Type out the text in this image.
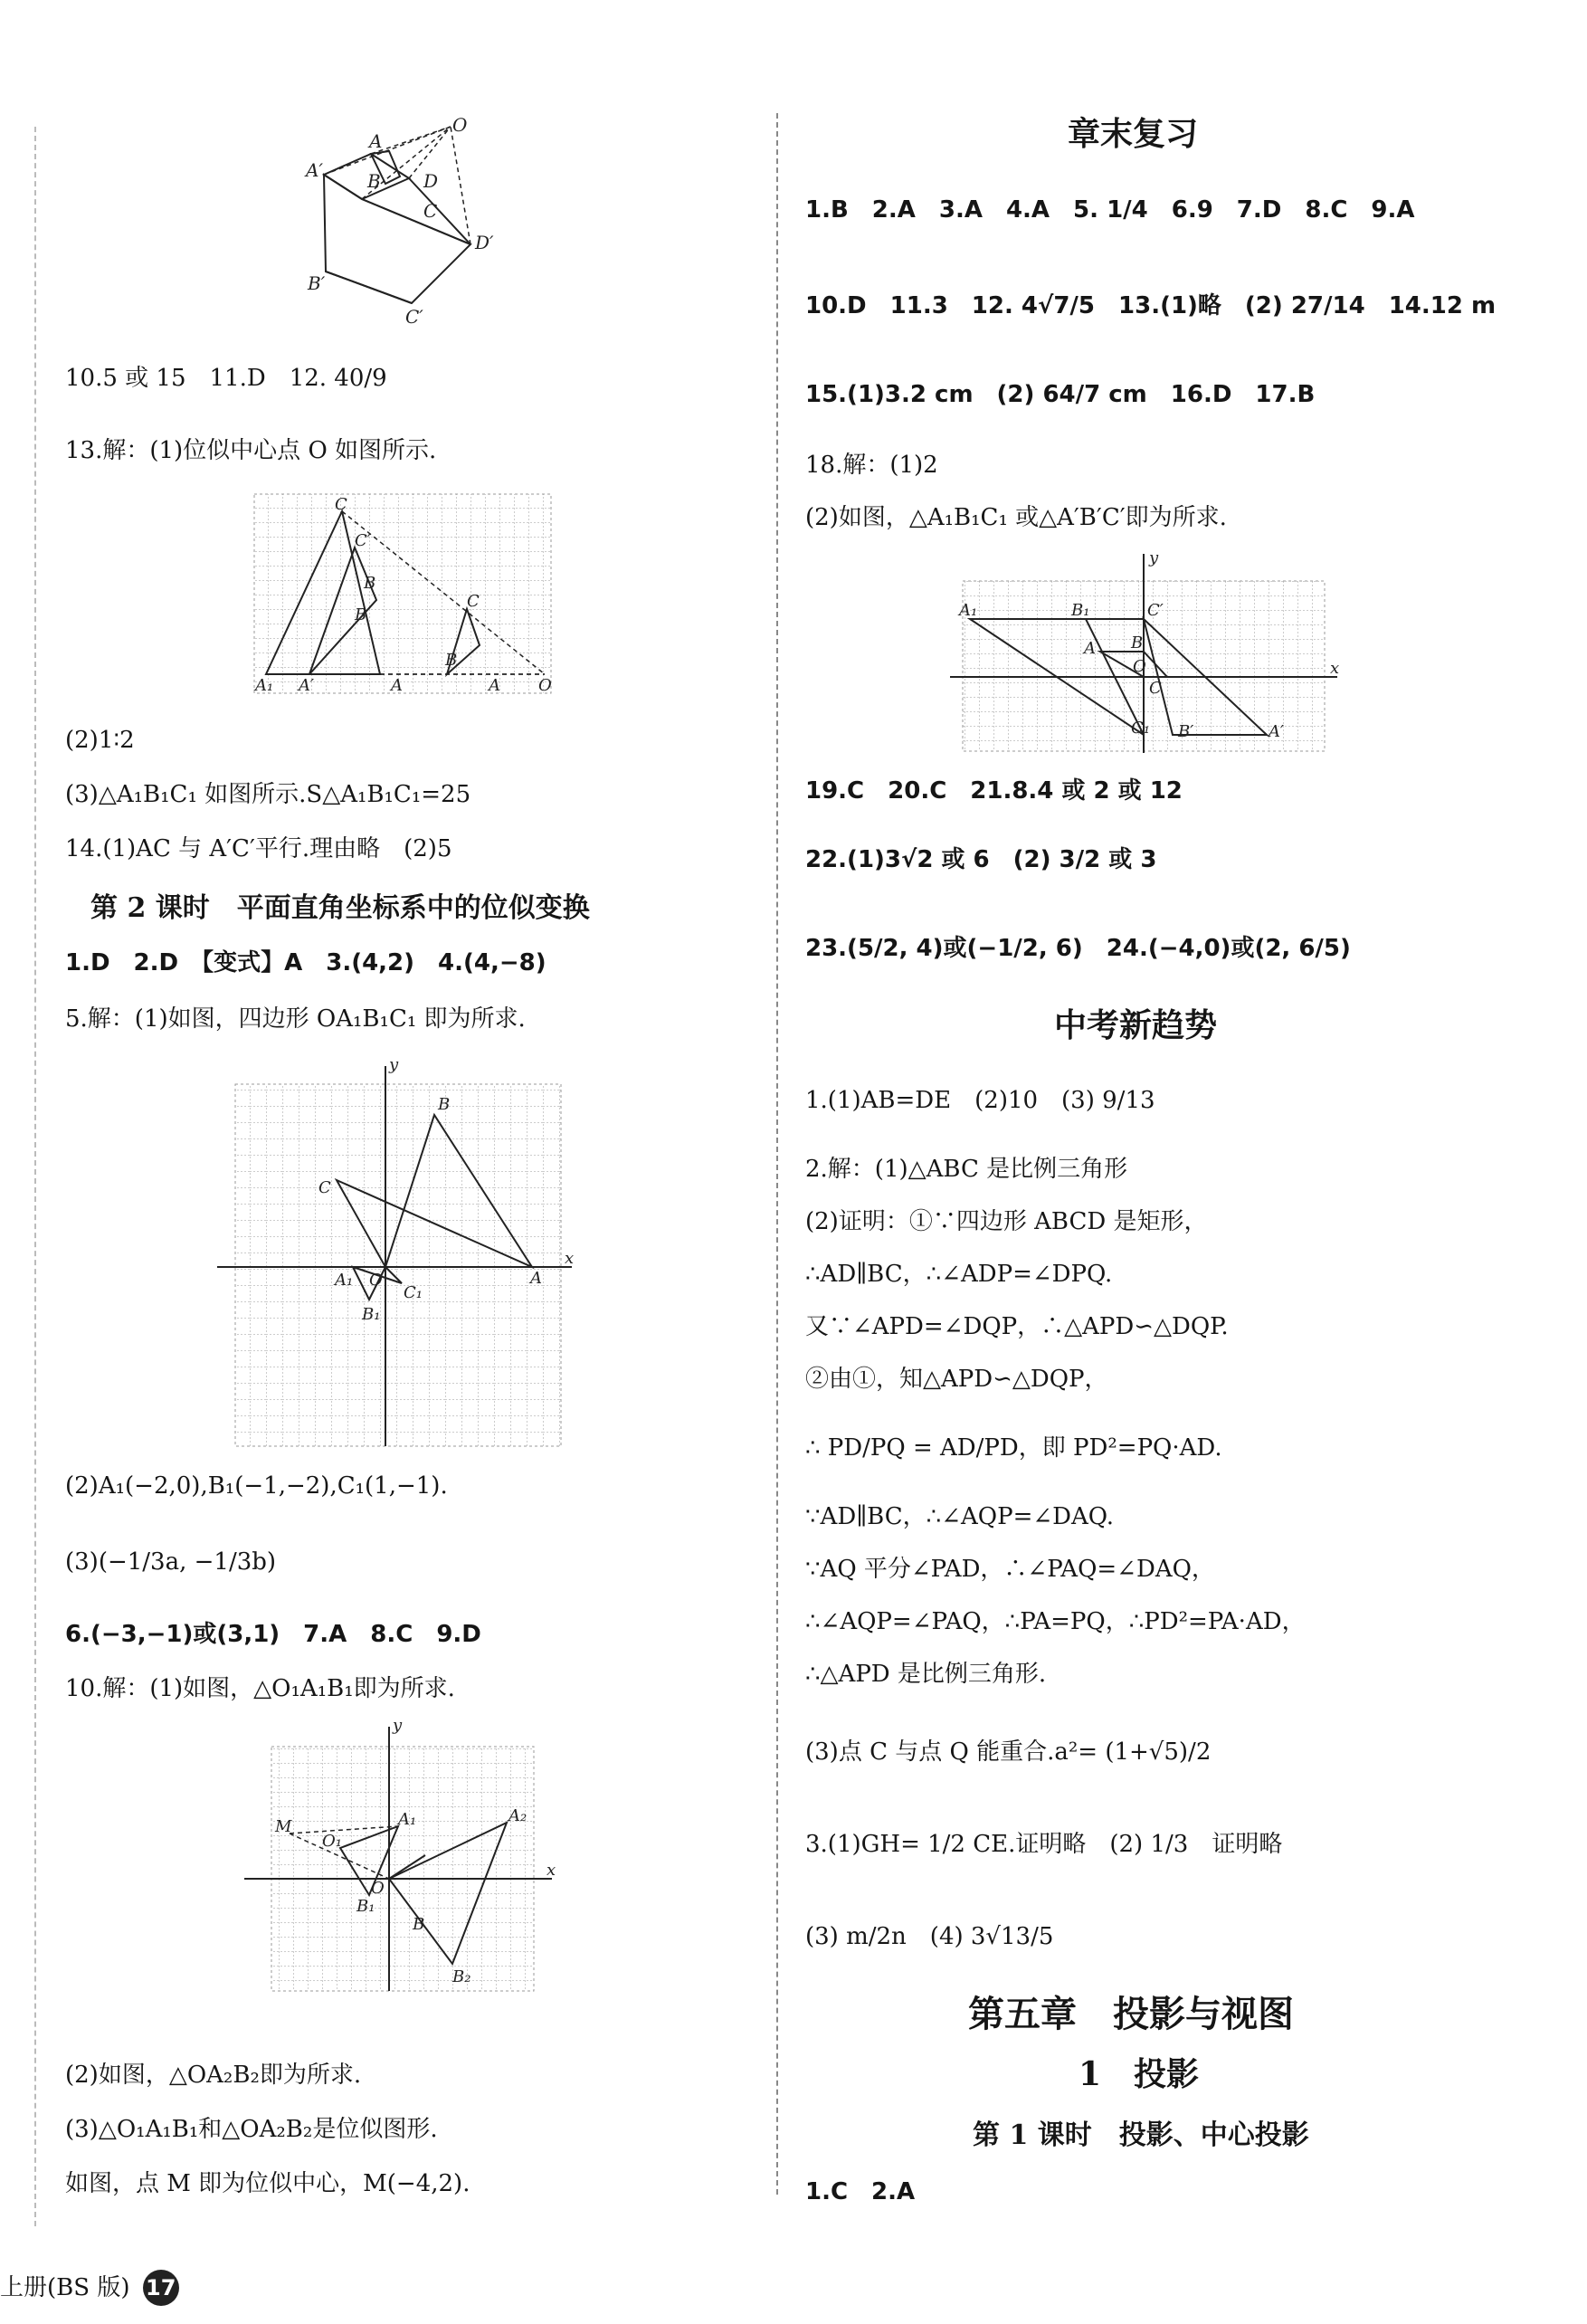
O
A
A′ B D
C
D′
B′
C′
10.5 或 15　11.D　12. 40/9
13.解：(1)位似中心点 O 如图所示.
C
C′
B
B′
C
B
A₁ A′	A	A O
(2)1∶2
(3)△A₁B₁C₁ 如图所示.S△A₁B₁C₁=25
14.(1)AC 与 A′C′平行.理由略　(2)5
第 2 课时　平面直角坐标系中的位似变换
1.D　2.D　【变式】A　3.(4,2)　4.(4,−8)
5.解：(1)如图，四边形 OA₁B₁C₁ 即为所求.
y
x
B
C
A
A₁ O
C₁
B₁
(2)A₁(−2,0),B₁(−1,−2),C₁(1,−1).
(3)(−1/3a, −1/3b)
6.(−3,−1)或(3,1)　7.A　8.C　9.D
10.解：(1)如图，△O₁A₁B₁即为所求.
y
x
M
O₁
A₁	A₂
O
B₁
B
B₂
(2)如图，△OA₂B₂即为所求.
(3)△O₁A₁B₁和△OA₂B₂是位似图形.
如图，点 M 即为位似中心，M(−4,2).
章末复习
1.B　2.A　3.A　4.A　5. 1/4　6.9　7.D　8.C　9.A
10.D　11.3　12. 4√7/5　13.(1)略　(2) 27/14　14.12 m
15.(1)3.2 cm　(2) 64/7 cm　16.D　17.B
18.解：(1)2
(2)如图，△A₁B₁C₁ 或△A′B′C′即为所求.
y
x
A₁	B₁	C′
A B
O
C
C₁ B′	A′
19.C　20.C　21.8.4 或 2 或 12
22.(1)3√2 或 6　(2) 3/2 或 3
23.(5/2, 4)或(−1/2, 6)　24.(−4,0)或(2, 6/5)
中考新趋势
1.(1)AB=DE　(2)10　(3) 9/13
2.解：(1)△ABC 是比例三角形
(2)证明：①∵四边形 ABCD 是矩形，
∴AD∥BC，∴∠ADP=∠DPQ.
又∵∠APD=∠DQP，∴△APD∽△DQP.
②由①，知△APD∽△DQP，
∴ PD/PQ = AD/PD，即 PD²=PQ·AD.
∵AD∥BC，∴∠AQP=∠DAQ.
∵AQ 平分∠PAD，∴∠PAQ=∠DAQ，
∴∠AQP=∠PAQ，∴PA=PQ，∴PD²=PA·AD，
∴△APD 是比例三角形.
(3)点 C 与点 Q 能重合.a²= (1+√5)/2
3.(1)GH= 1/2 CE.证明略　(2) 1/3　证明略
(3) m/2n　(4) 3√13/5
第五章　投影与视图
1　投影
第 1 课时　投影、中心投影
1.C　2.A
上册(BS 版) 17
